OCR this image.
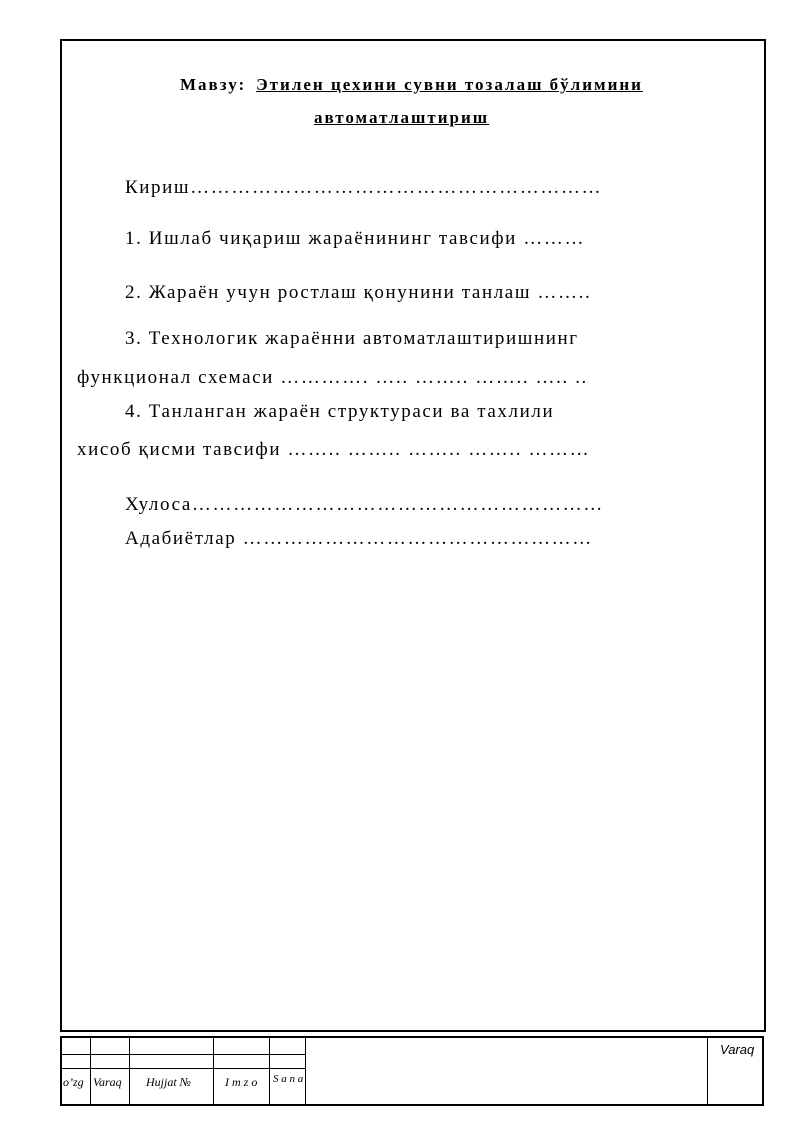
Мавзу: Этилен цехини сувни тозалаш бўлимини
автоматлаштириш
Кириш……………………………………………………
1. Ишлаб чиқариш жараёнининг тавсифи ………
2. Жараён учун ростлаш қонунини танлаш ……..
3. Технологик жараённи автоматлаштиришнинг
функционал схемаси …………. ….. …….. …….. ….. ..
4. Танланган жараён структураси ва тахлили
хисоб қисми тавсифи …….. …….. …….. …….. ………
Хулоса……………………………………………………
Адабиётлар ……………………………………………
o’zg Varaq Hujjat №	I m z o S a n a
Varaq
